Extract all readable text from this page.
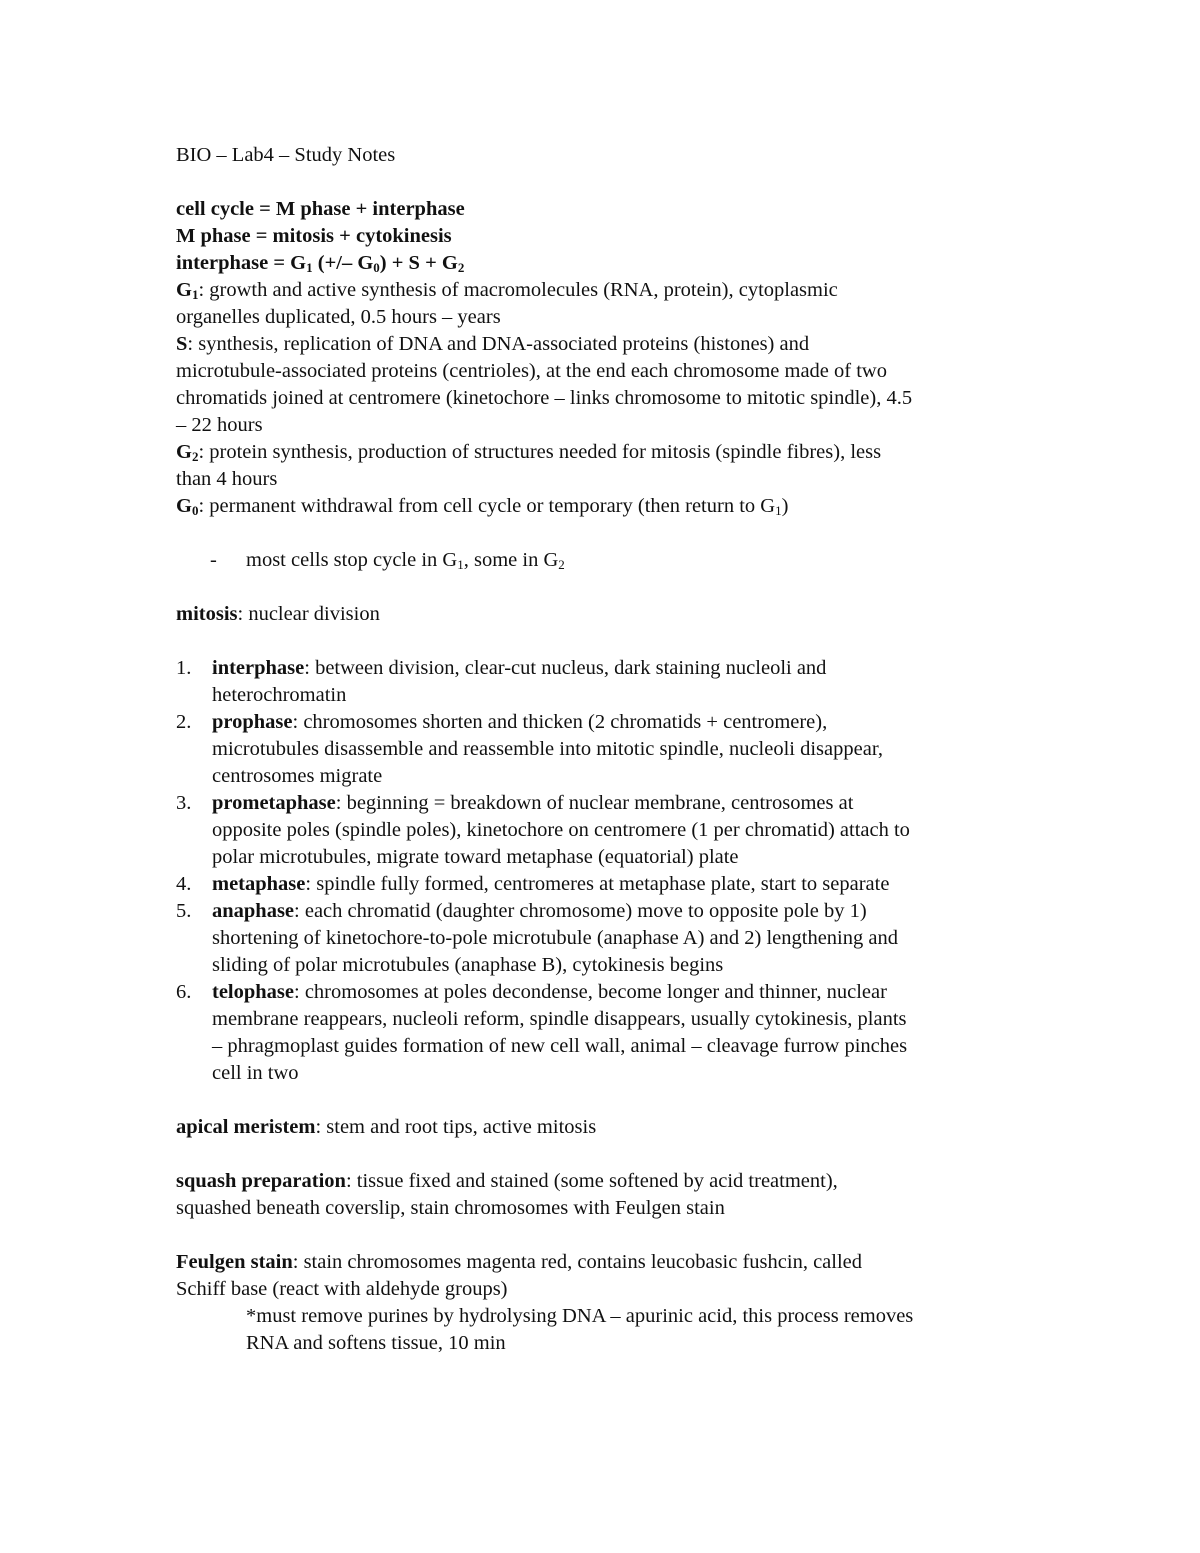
BIO – Lab4 – Study Notes
cell cycle = M phase + interphase
M phase = mitosis + cytokinesis
interphase = $G_1$ (+/– $G_0) + S + G_2$
$G_1$: growth and active synthesis of macromolecules (RNA, protein), cytoplasmic
organelles duplicated, 0.5 hours – years
S: synthesis, replication of DNA and DNA-associated proteins (histones) and
microtubule-associated proteins (centrioles), at the end each chromosome made of two
chromatids joined at centromere (kinetochore – links chromosome to mitotic spindle), 4.5
– 22 hours
$G_2$: protein synthesis, production of structures needed for mitosis (spindle fibres), less
than 4 hours
$G_0$: permanent withdrawal from cell cycle or temporary (then return to $G_1$)
- most cells stop cycle in $G_1$, some in $G_2$
mitosis: nuclear division
1. interphase: between division, clear-cut nucleus, dark staining nucleoli and
heterochromatin
2. prophase: chromosomes shorten and thicken (2 chromatids + centromere),
microtubules disassemble and reassemble into mitotic spindle, nucleoli disappear,
centrosomes migrate
3. prometaphase: beginning = breakdown of nuclear membrane, centrosomes at
opposite poles (spindle poles), kinetochore on centromere (1 per chromatid) attach to
polar microtubules, migrate toward metaphase (equatorial) plate
4. metaphase: spindle fully formed, centromeres at metaphase plate, start to separate
5. anaphase: each chromatid (daughter chromosome) move to opposite pole by 1)
shortening of kinetochore-to-pole microtubule (anaphase A) and 2) lengthening and
sliding of polar microtubules (anaphase B), cytokinesis begins
6. telophase: chromosomes at poles decondense, become longer and thinner, nuclear
membrane reappears, nucleoli reform, spindle disappears, usually cytokinesis, plants
– phragmoplast guides formation of new cell wall, animal – cleavage furrow pinches
cell in two
apical meristem: stem and root tips, active mitosis
squash preparation: tissue fixed and stained (some softened by acid treatment),
squashed beneath coverslip, stain chromosomes with Feulgen stain
Feulgen stain: stain chromosomes magenta red, contains leucobasic fushcin, called
Schiff base (react with aldehyde groups)
*must remove purines by hydrolysing DNA – apurinic acid, this process removes
RNA and softens tissue, 10 min
